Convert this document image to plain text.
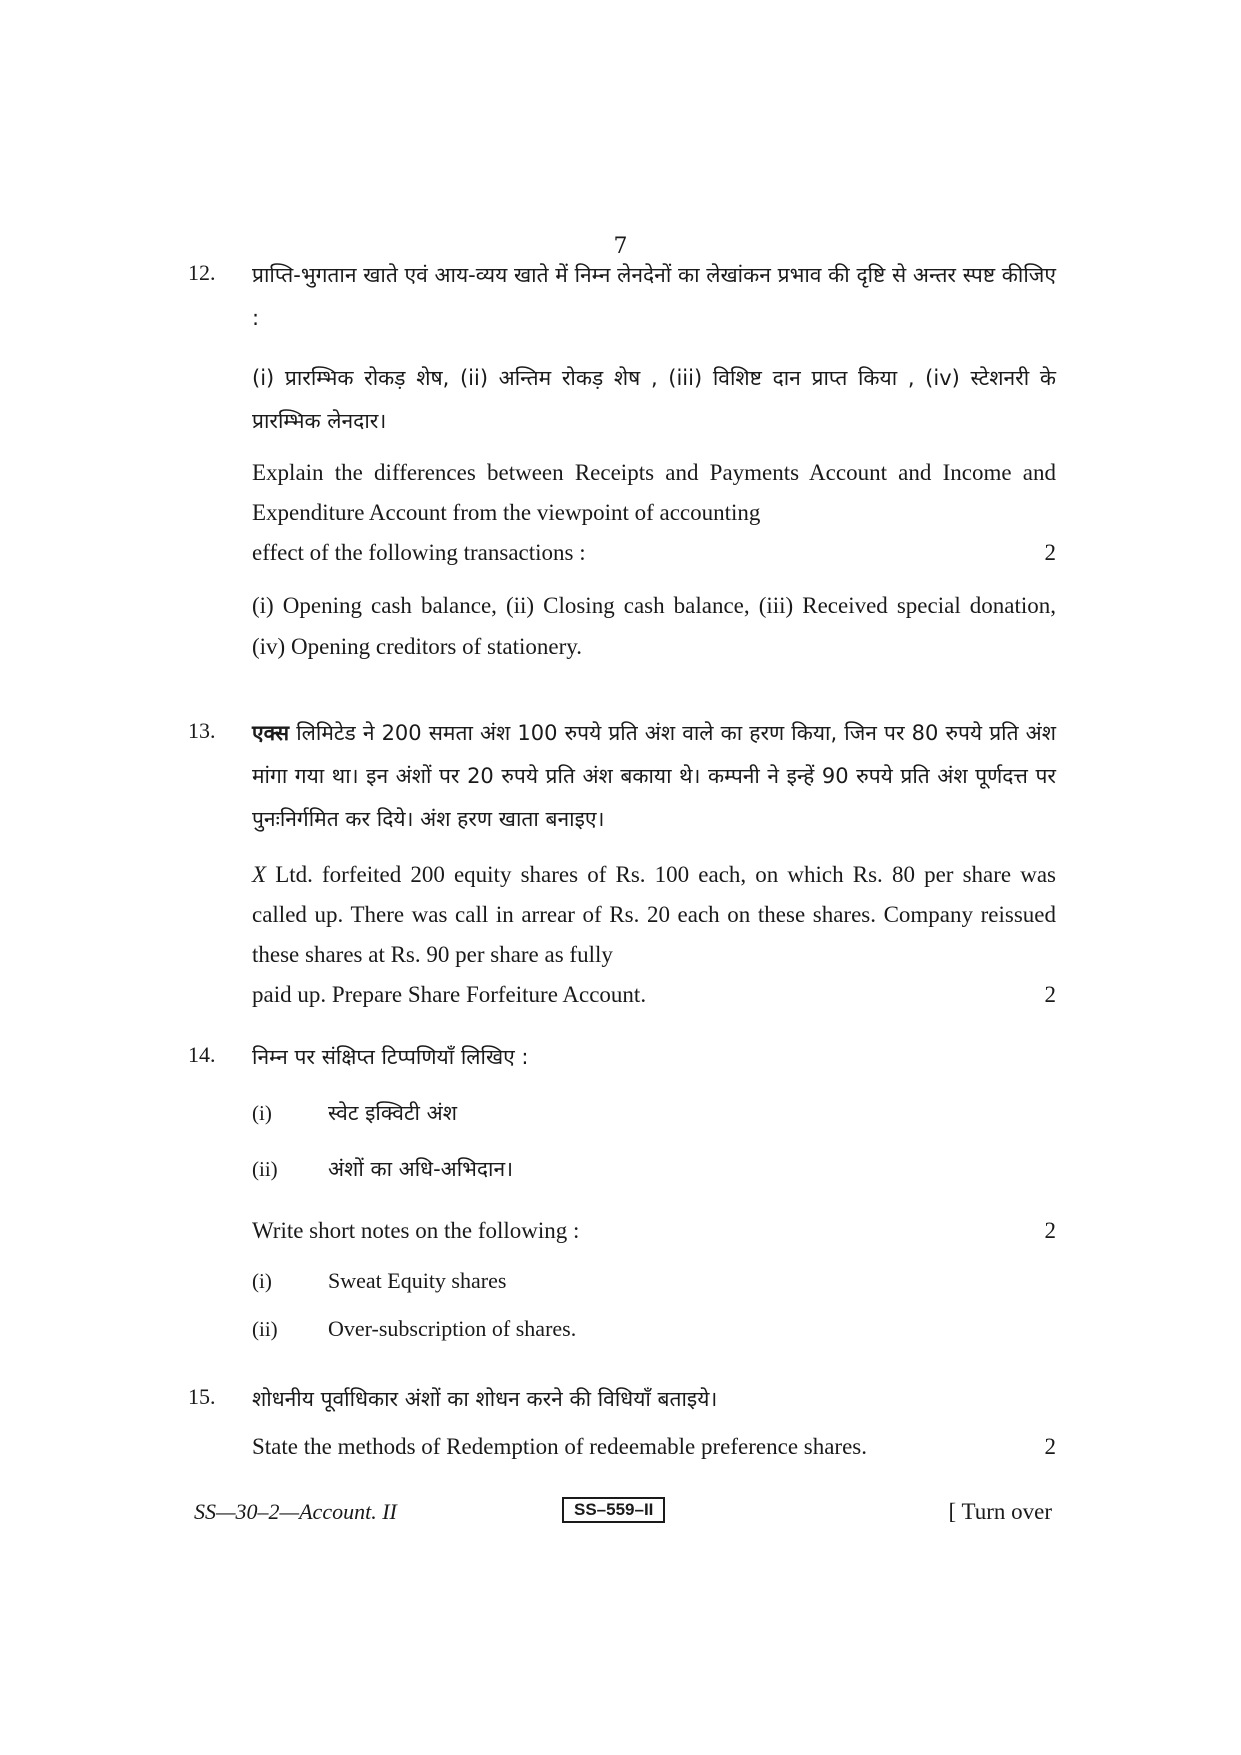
7
12. प्राप्ति-भुगतान खाते एवं आय-व्यय खाते में निम्न लेनदेनों का लेखांकन प्रभाव की दृष्टि से अन्तर स्पष्ट कीजिए :

(i) प्रारम्भिक रोकड़ शेष, (ii) अन्तिम रोकड़ शेष , (iii) विशिष्ट दान प्राप्त किया , (iv) स्टेशनरी के प्रारम्भिक लेनदार।

Explain the differences between Receipts and Payments Account and Income and Expenditure Account from the viewpoint of accounting

effect of the following transactions :	2

(i) Opening cash balance, (ii) Closing cash balance, (iii) Received special donation, (iv) Opening creditors of stationery.

13. एक्स लिमिटेड ने 200 समता अंश 100 रुपये प्रति अंश वाले का हरण किया, जिन पर 80 रुपये प्रति अंश मांगा गया था। इन अंशों पर 20 रुपये प्रति अंश बकाया थे। कम्पनी ने इन्हें 90 रुपये प्रति अंश पूर्णदत्त पर पुनःनिर्गमित कर दिये। अंश हरण खाता बनाइए।

X Ltd. forfeited 200 equity shares of Rs. 100 each, on which Rs. 80 per share was called up. There was call in arrear of Rs. 20 each on these shares. Company reissued these shares at Rs. 90 per share as fully

paid up. Prepare Share Forfeiture Account.	2
14. निम्न पर संक्षिप्त टिप्पणियाँ लिखिए :

(i)	स्वेट इक्विटी अंश
(ii)	अंशों का अधि-अभिदान।
Write short notes on the following :	2
(i)	Sweat Equity shares
(ii)	Over-subscription of shares.
15. शोधनीय पूर्वाधिकार अंशों का शोधन करने की विधियाँ बताइये।

State the methods of Redemption of redeemable preference shares.	2
SS—30–2—Account. II	SS–559–II	[ Turn over
